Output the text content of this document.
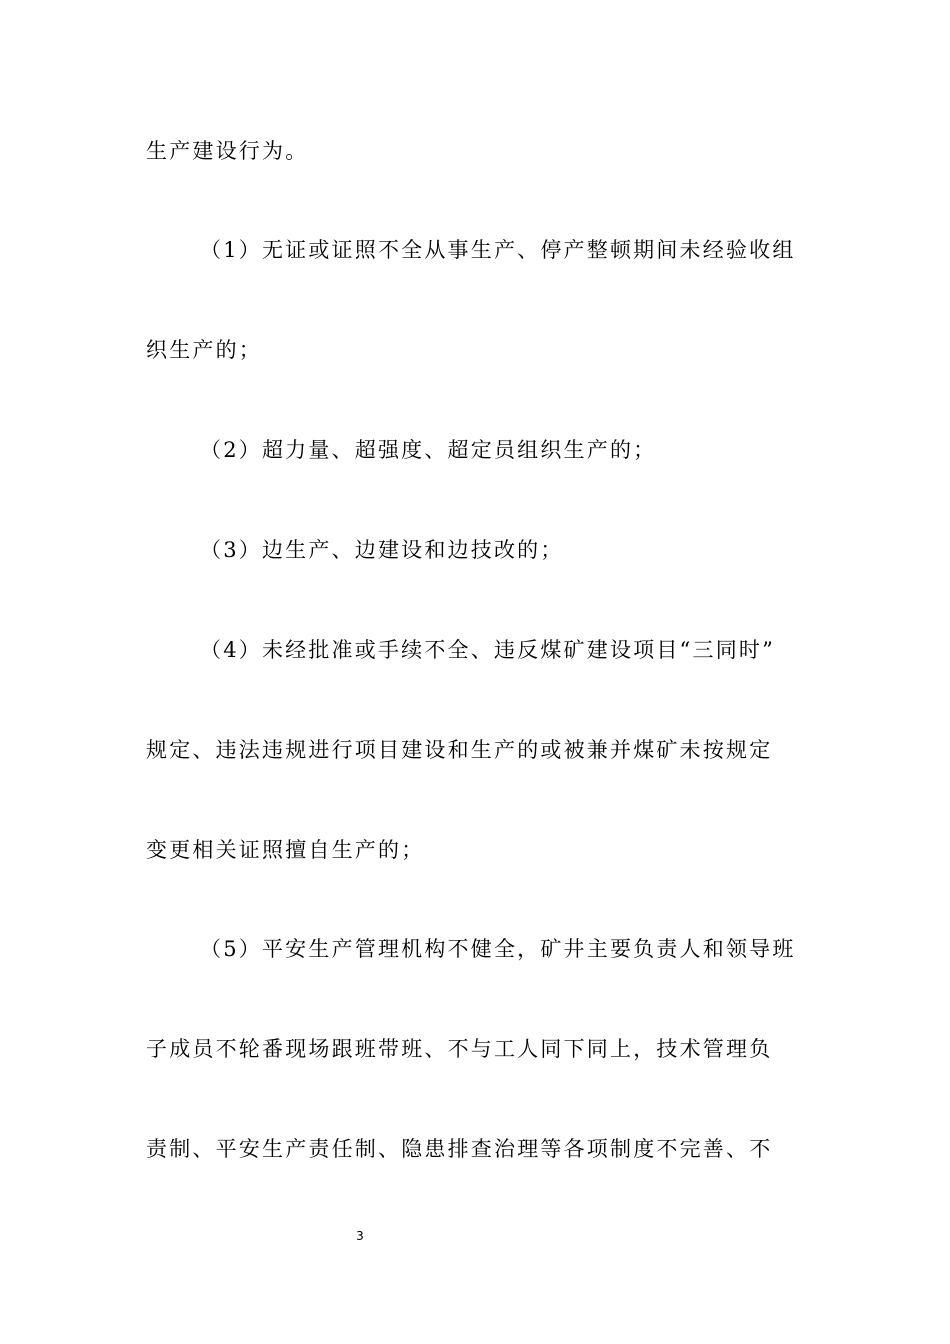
生产建设行为。
（1）无证或证照不全从事生产、停产整顿期间未经验收组
织生产的；
（2）超力量、超强度、超定员组织生产的；
（3）边生产、边建设和边技改的；
（4）未经批准或手续不全、违反煤矿建设项目“三同时”
规定、违法违规进行项目建设和生产的或被兼并煤矿未按规定
变更相关证照擅自生产的；
（5）平安生产管理机构不健全，矿井主要负责人和领导班
子成员不轮番现场跟班带班、不与工人同下同上，技术管理负
责制、平安生产责任制、隐患排查治理等各项制度不完善、不
3
